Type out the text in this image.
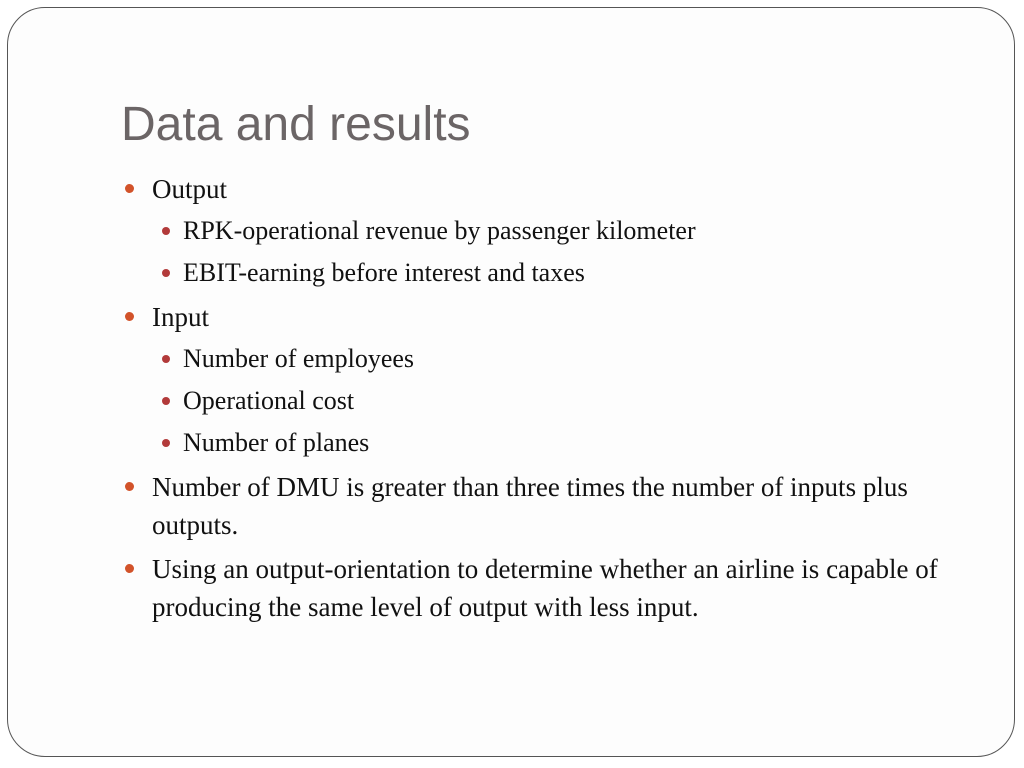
Data and results
Output
RPK-operational revenue by passenger kilometer
EBIT-earning before interest and taxes
Input
Number of employees
Operational cost
Number of planes
Number of DMU is greater than three times the number of inputs plus outputs.
Using an output-orientation to determine whether an airline is capable of producing the same level of output with less input.
